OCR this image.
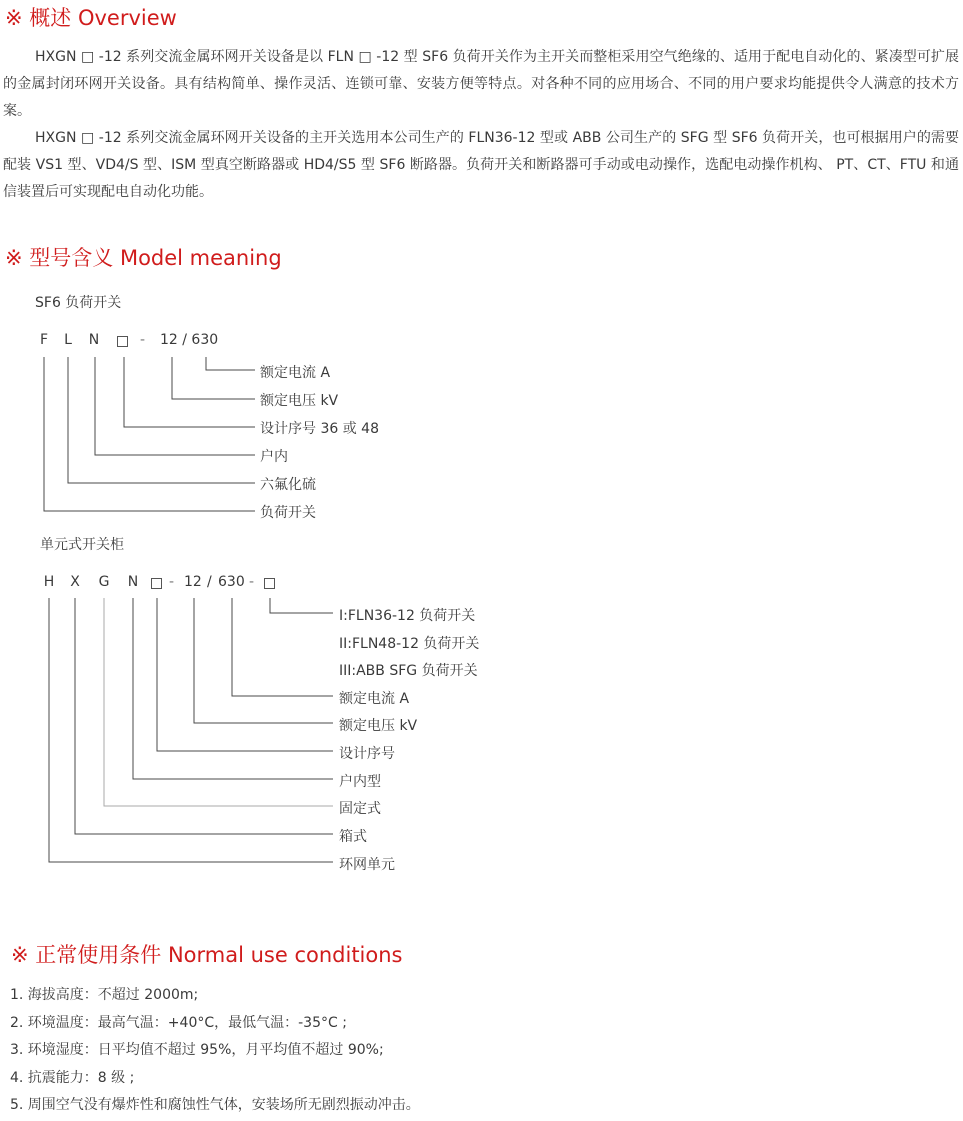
※ 概述 Overview

HXGN □ -12 系列交流金属环网开关设备是以 FLN □ -12 型 SF6 负荷开关作为主开关而整柜采用空气绝缘的、适用于配电自动化的、紧凑型可扩展的金属封闭环网开关设备。具有结构简单、操作灵活、连锁可靠、安装方便等特点。对各种不同的应用场合、不同的用户要求均能提供令人满意的技术方案。

HXGN □ -12 系列交流金属环网开关设备的主开关选用本公司生产的 FLN36-12 型或 ABB 公司生产的 SFG 型 SF6 负荷开关，也可根据用户的需要配装 VS1 型、VD4/S 型、ISM 型真空断路器或 HD4/S5 型 SF6 断路器。负荷开关和断路器可手动或电动操作，选配电动操作机构、 PT、CT、FTU 和通信装置后可实现配电自动化功能。

※ 型号含义 Model meaning
SF6 负荷开关
F L N	- 12 / 630
额定电流 A
额定电压 kV
设计序号 36 或 48
户内
六氟化硫
负荷开关
单元式开关柜
H X G N - 12 / 630 -
I:FLN36-12 负荷开关
II:FLN48-12 负荷开关
III:ABB SFG 负荷开关
额定电流 A
额定电压 kV
设计序号
户内型
固定式
箱式
环网单元
※ 正常使用条件 Normal use conditions
1. 海拔高度：不超过 2000m;
2. 环境温度：最高气温：+40°C，最低气温：-35°C ;
3. 环境湿度：日平均值不超过 95%，月平均值不超过 90%;
4. 抗震能力：8 级 ;
5. 周围空气没有爆炸性和腐蚀性气体，安装场所无剧烈振动冲击。
